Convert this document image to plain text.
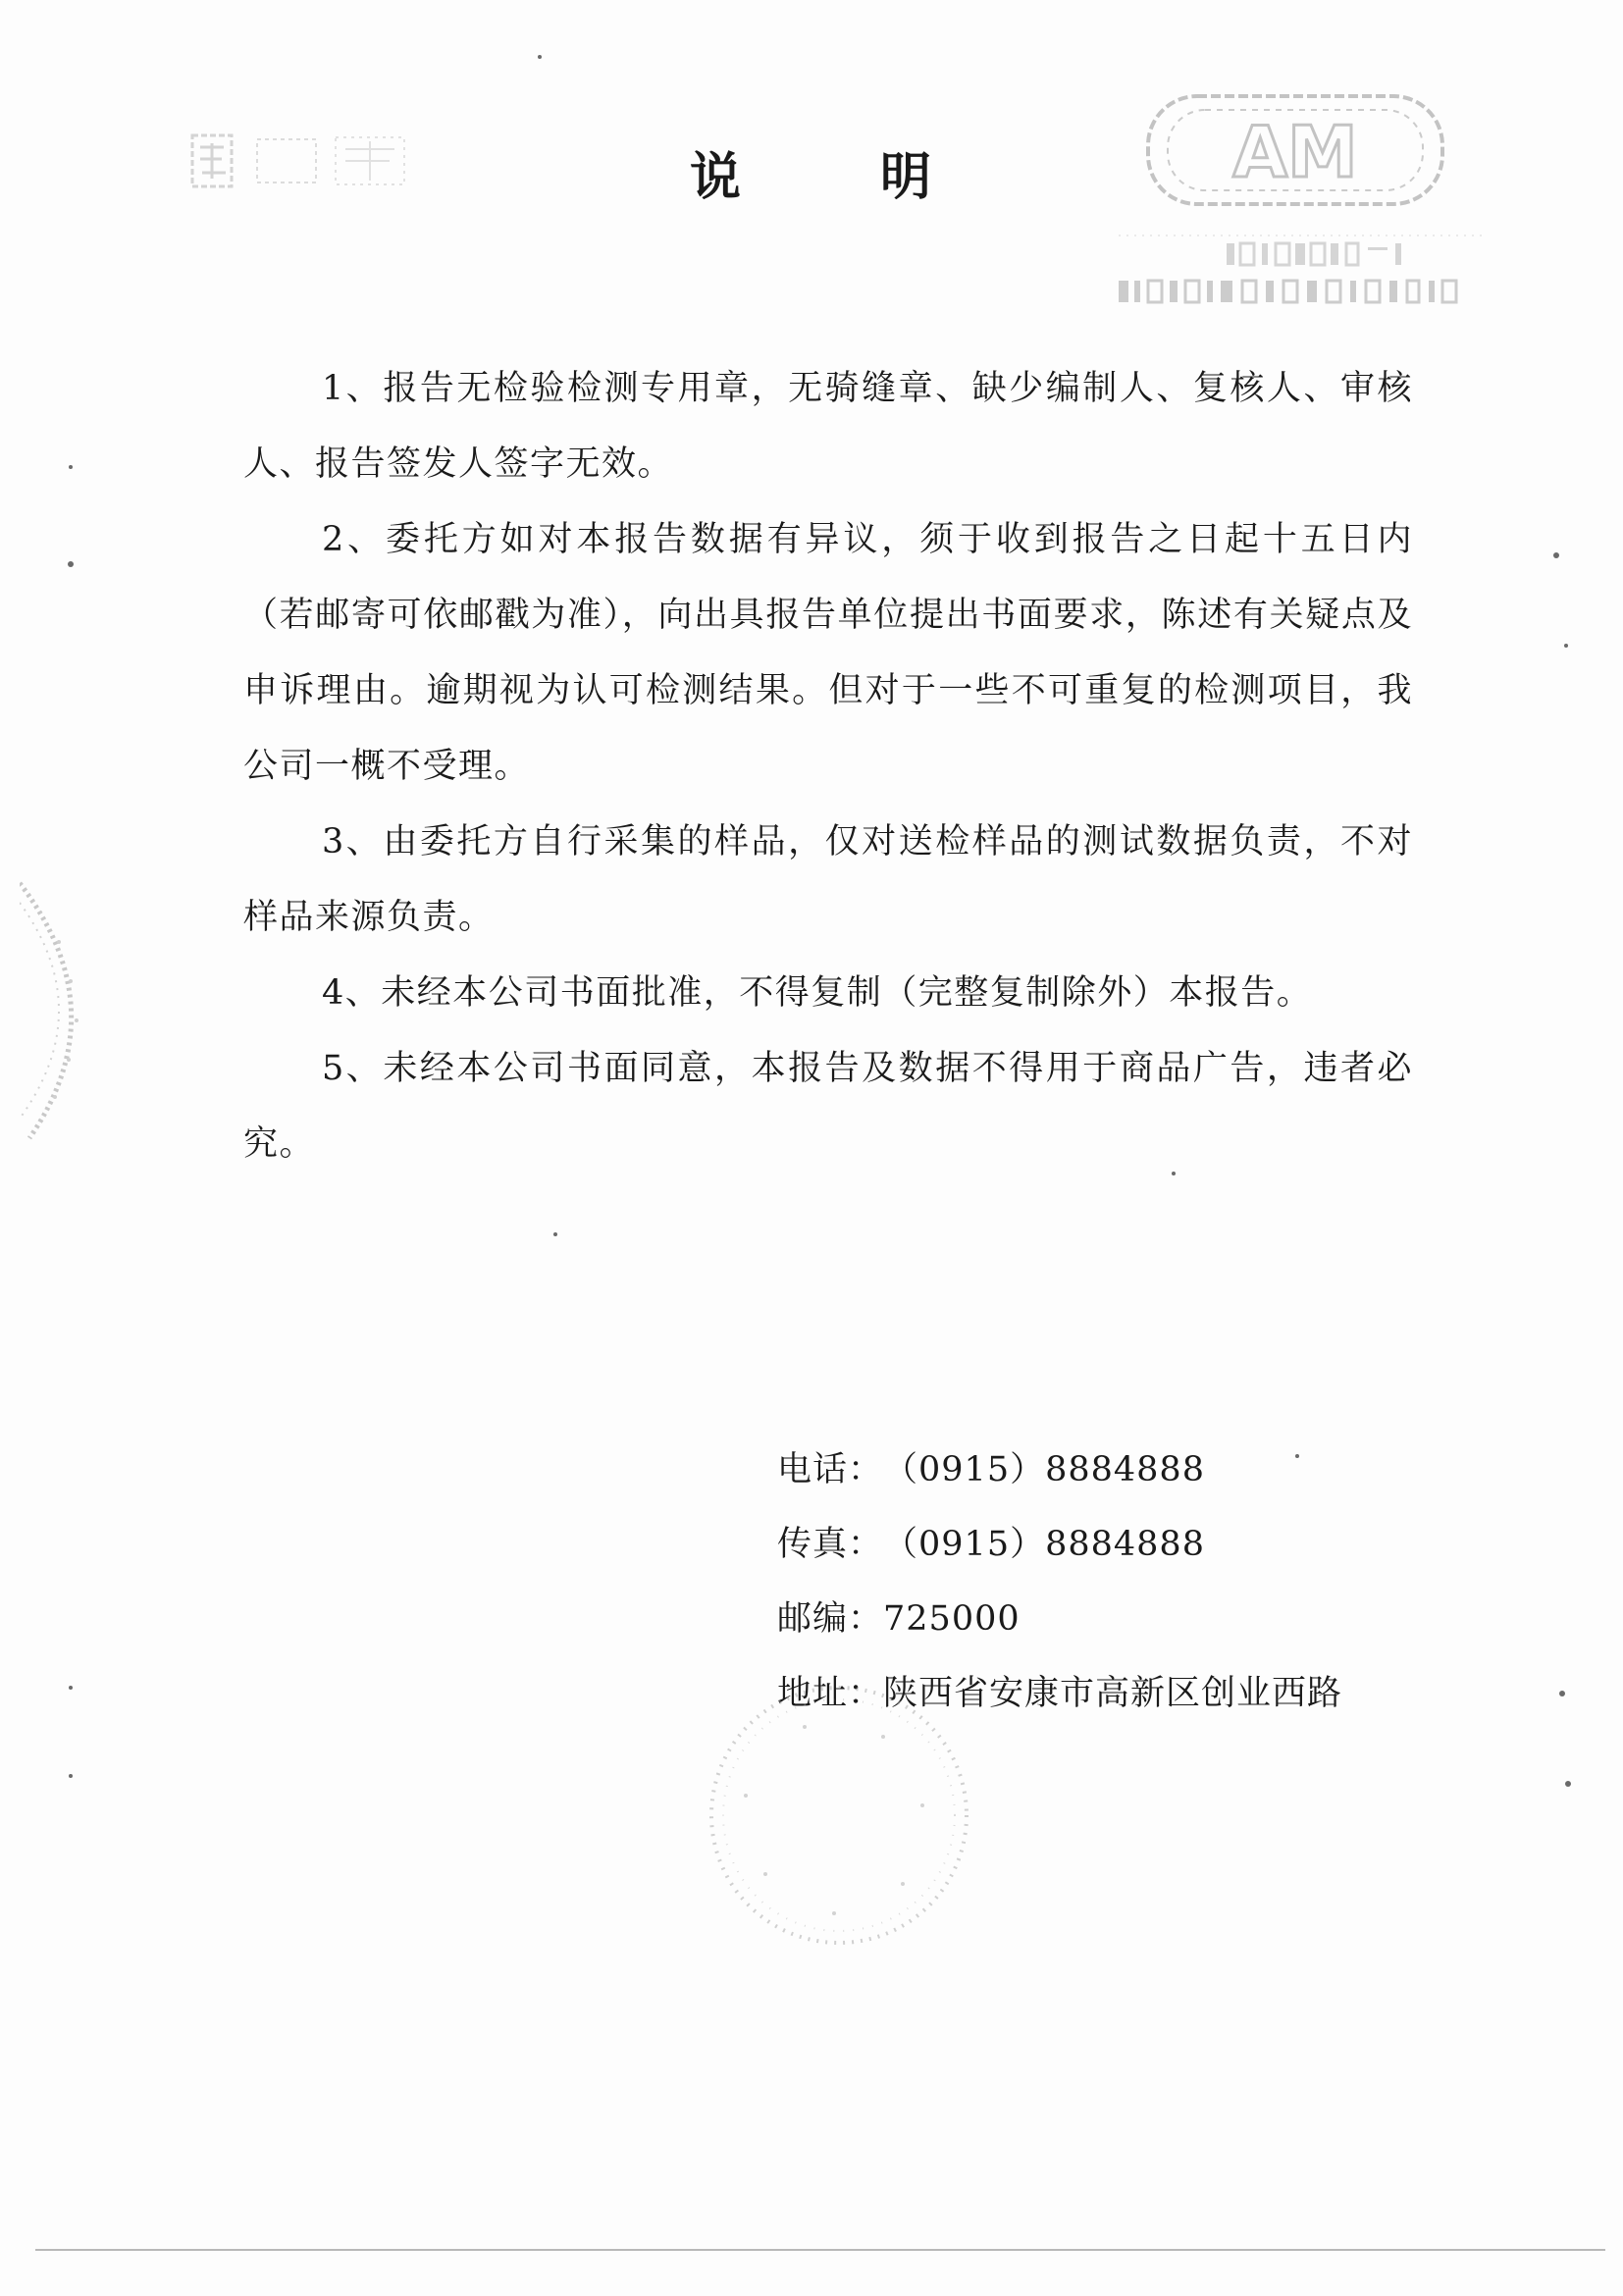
AM
说	明

1、报告无检验检测专用章，无骑缝章、缺少编制人、复核人、审核人、报告签发人签字无效。

2、委托方如对本报告数据有异议，须于收到报告之日起十五日内（若邮寄可依邮戳为准），向出具报告单位提出书面要求，陈述有关疑点及申诉理由。逾期视为认可检测结果。但对于一些不可重复的检测项目，我公司一概不受理。

3、由委托方自行采集的样品，仅对送检样品的测试数据负责，不对样品来源负责。

4、未经本公司书面批准，不得复制（完整复制除外）本报告。

5、未经本公司书面同意，本报告及数据不得用于商品广告，违者必究。

电话：（0915）8884888
传真：（0915）8884888
邮编：725000
地址：陕西省安康市高新区创业西路
